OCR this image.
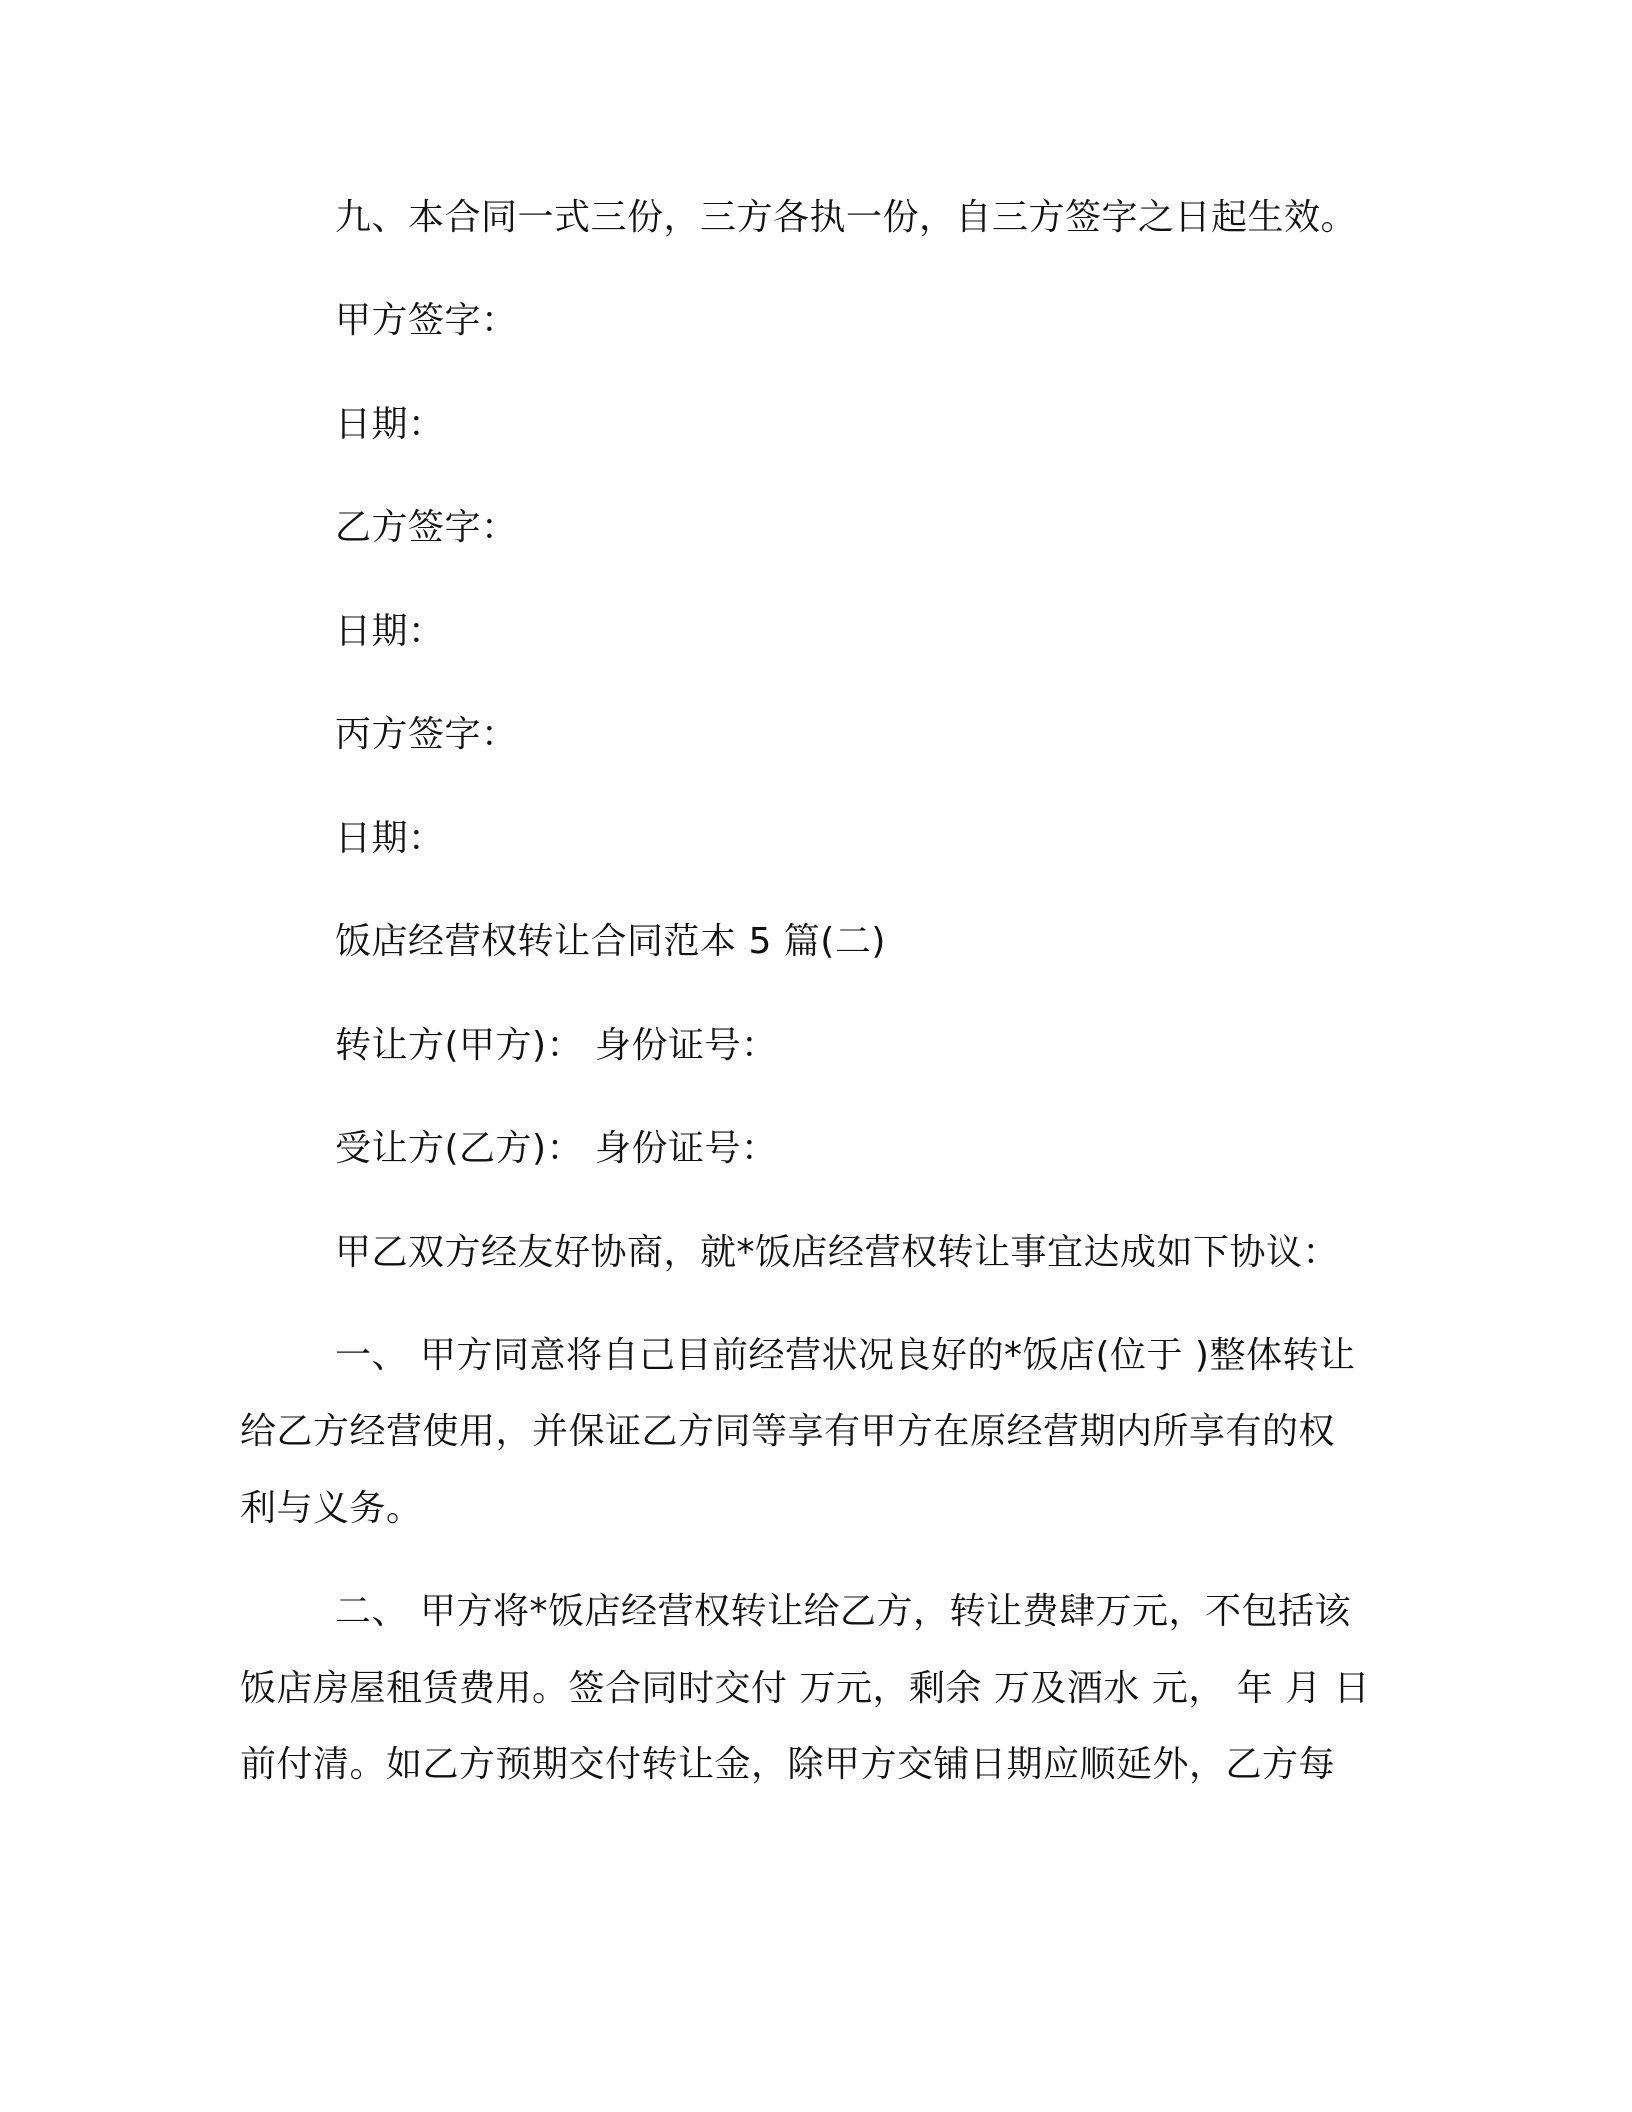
九、本合同一式三份，三方各执一份，自三方签字之日起生效。
甲方签字：
日期：
乙方签字：
日期：
丙方签字：
日期：
饭店经营权转让合同范本 5 篇(二)
转让方(甲方)： 身份证号：
受让方(乙方)： 身份证号：
甲乙双方经友好协商，就*饭店经营权转让事宜达成如下协议：
一、 甲方同意将自己目前经营状况良好的*饭店(位于 )整体转让
给乙方经营使用，并保证乙方同等享有甲方在原经营期内所享有的权
利与义务。
二、 甲方将*饭店经营权转让给乙方，转让费肆万元，不包括该
饭店房屋租赁费用。签合同时交付 万元，剩余 万及酒水 元， 年 月 日
前付清。如乙方预期交付转让金，除甲方交铺日期应顺延外，乙方每
